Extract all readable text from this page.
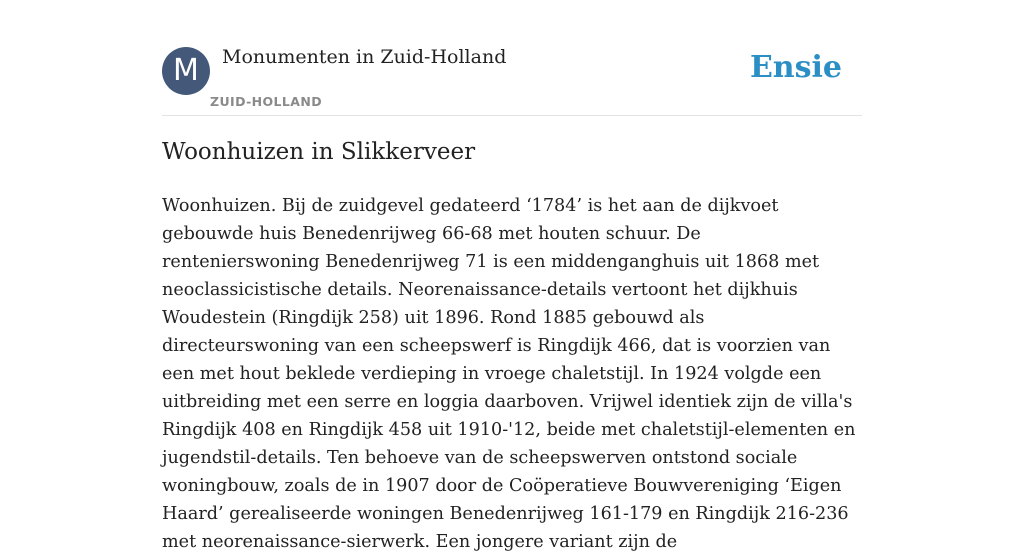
M	Monumenten in Zuid-Holland
ZUID-HOLLAND
Ensie
Woonhuizen in Slikkerveer

Woonhuizen. Bij de zuidgevel gedateerd ‘1784’ is het aan de dijkvoet gebouwde huis Benedenrijweg 66-68 met houten schuur. De rentenierswoning Benedenrijweg 71 is een middenganghuis uit 1868 met neoclassicistische details. Neorenaissance-details vertoont het dijkhuis Woudestein (Ringdijk 258) uit 1896. Rond 1885 gebouwd als directeurswoning van een scheepswerf is Ringdijk 466, dat is voorzien van een met hout beklede verdieping in vroege chaletstijl. In 1924 volgde een uitbreiding met een serre en loggia daarboven. Vrijwel identiek zijn de villa's Ringdijk 408 en Ringdijk 458 uit 1910-'12, beide met chaletstijl-elementen en jugendstil-details. Ten behoeve van de scheepswerven ontstond sociale woningbouw, zoals de in 1907 door de Coöperatieve Bouwvereniging ‘Eigen Haard’ gerealiseerde woningen Benedenrijweg 161-179 en Ringdijk 216-236 met neorenaissance-sierwerk. Een jongere variant zijn de
